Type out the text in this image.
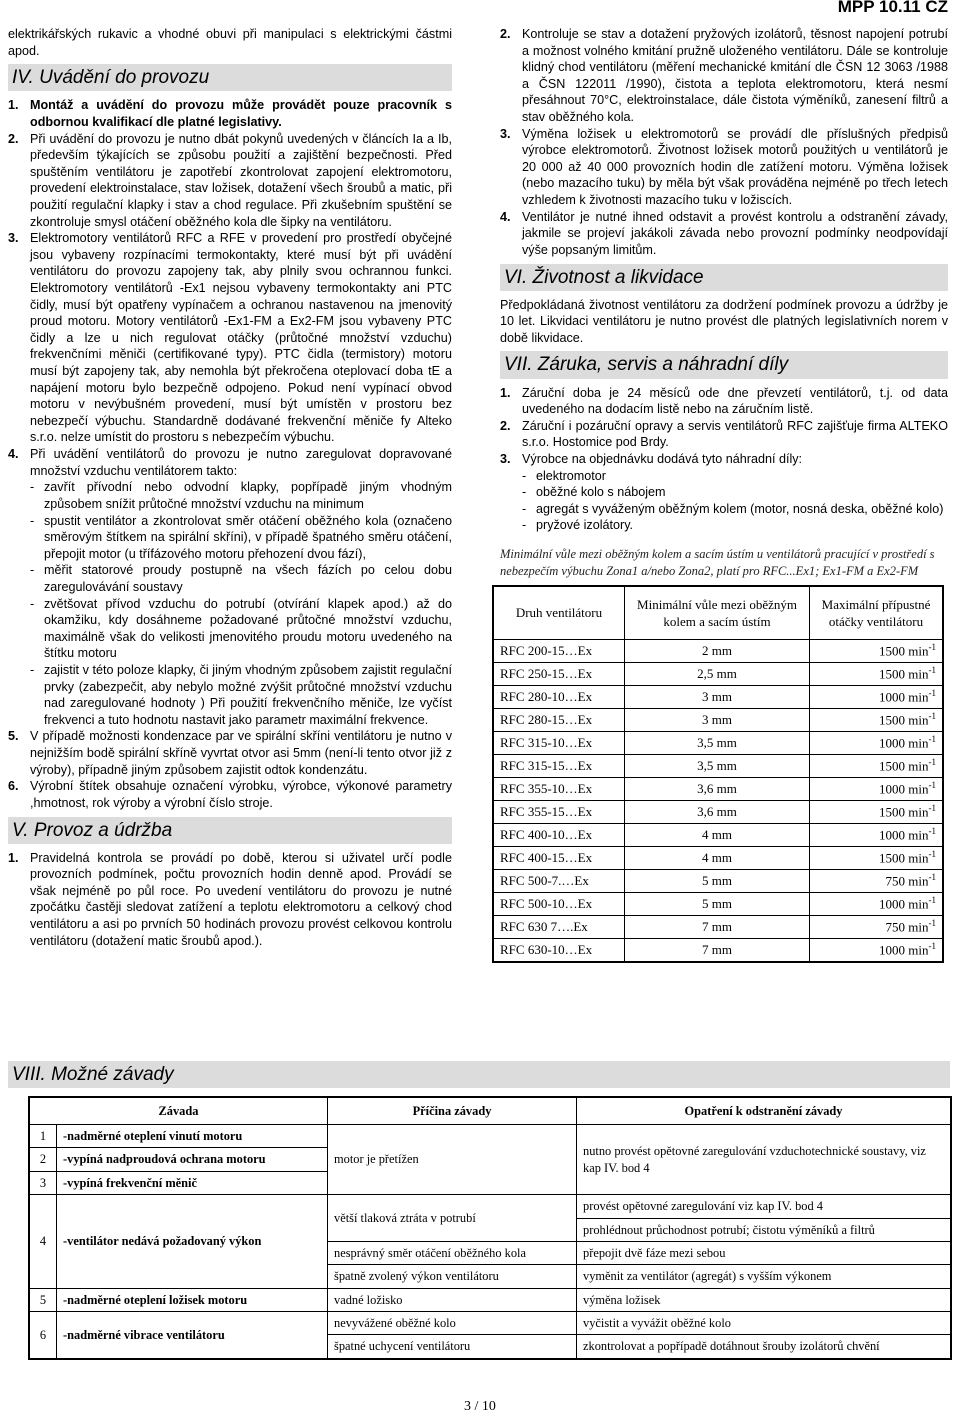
MPP 10.11 CZ

elektrikářských rukavic a vhodné obuvi při manipulaci s elektrickými částmi apod.

IV. Uvádění do provozu
1. Montáž a uvádění do provozu může provádět pouze pracovník s odbornou kvalifikací dle platné legislativy.
2. Při uvádění do provozu je nutno dbát pokynů uvedených v článcích Ia a Ib, především týkajících se způsobu použití a zajištění bezpečnosti. Před spuštěním ventilátoru je zapotřebí zkontrolovat zapojení elektromotoru, provedení elektroinstalace, stav ložisek, dotažení všech šroubů a matic, při použití regulační klapky i stav a chod regulace. Při zkušebním spuštění se zkontroluje smysl otáčení oběžného kola dle šipky na ventilátoru.
3. Elektromotory ventilátorů RFC a RFE v provedení pro prostředí obyčejné jsou vybaveny rozpínacími termokontakty, které musí být při uvádění ventilátoru do provozu zapojeny tak, aby plnily svou ochrannou funkci. Elektromotory ventilátorů -Ex1 nejsou vybaveny termokontakty ani PTC čidly, musí být opatřeny vypínačem a ochranou nastavenou na jmenovitý proud motoru. Motory ventilátorů -Ex1-FM a Ex2-FM jsou vybaveny PTC čidly a lze u nich regulovat otáčky (průtočné množství vzduchu) frekvenčními měniči (certifikované typy). PTC čidla (termistory) motoru musí být zapojeny tak, aby nemohla být překročena oteplovací doba tE a napájení motoru bylo bezpečně odpojeno. Pokud není vypínací obvod motoru v nevýbušném provedení, musí být umístěn v prostoru bez nebezpečí výbuchu. Standardně dodávané frekvenční měniče fy Alteko s.r.o. nelze umístit do prostoru s nebezpečím výbuchu.
4. Při uvádění ventilátorů do provozu je nutno zaregulovat dopravované množství vzduchu ventilátorem takto:
- zavřít přívodní nebo odvodní klapky, popřípadě jiným vhodným způsobem snížit průtočné množství vzduchu na minimum
- spustit ventilátor a zkontrolovat směr otáčení oběžného kola (označeno směrovým štítkem na spirální skříni), v případě špatného směru otáčení, přepojit motor (u třífázového motoru přehození dvou fází),
- měřit statorové proudy postupně na všech fázích po celou dobu zaregulovávání soustavy
- zvětšovat přívod vzduchu do potrubí (otvírání klapek apod.) až do okamžiku, kdy dosáhneme požadované průtočné množství vzduchu, maximálně však do velikosti jmenovitého proudu motoru uvedeného na štítku motoru
- zajistit v této poloze klapky, či jiným vhodným způsobem zajistit regulační prvky (zabezpečit, aby nebylo možné zvýšit průtočné množství vzduchu nad zaregulované hodnoty ) Při použití frekvenčního měniče, lze vyčíst frekvenci a tuto hodnotu nastavit jako parametr maximální frekvence.
5. V případě možnosti kondenzace par ve spirální skříni ventilátoru je nutno v nejnižším bodě spirální skříně vyvrtat otvor asi 5mm (není-li tento otvor již z výroby), případně jiným způsobem zajistit odtok kondenzátu.
6. Výrobní štítek obsahuje označení výrobku, výrobce, výkonové parametry ,hmotnost, rok výroby a výrobní číslo stroje.
V. Provoz a údržba
1. Pravidelná kontrola se provádí po době, kterou si uživatel určí podle provozních podmínek, počtu provozních hodin denně apod. Provádí se však nejméně po půl roce. Po uvedení ventilátoru do provozu je nutné zpočátku častěji sledovat zatížení a teplotu elektromotoru a celkový chod ventilátoru a asi po prvních 50 hodinách provozu provést celkovou kontrolu ventilátoru (dotažení matic šroubů apod.).
2. Kontroluje se stav a dotažení pryžových izolátorů, těsnost napojení potrubí a možnost volného kmitání pružně uloženého ventilátoru. Dále se kontroluje klidný chod ventilátoru (měření mechanické kmitání dle ČSN 12 3063 /1988 a ČSN 122011 /1990), čistota a teplota elektromotoru, která nesmí přesáhnout 70°C, elektroinstalace, dále čistota výměníků, zanesení filtrů a stav oběžného kola.
3. Výměna ložisek u elektromotorů se provádí dle příslušných předpisů výrobce elektromotorů. Životnost ložisek motorů použitých u ventilátorů je 20 000 až 40 000 provozních hodin dle zatížení motoru. Výměna ložisek (nebo mazacího tuku) by měla být však prováděna nejméně po třech letech vzhledem k životnosti mazacího tuku v ložiscích.
4. Ventilátor je nutné ihned odstavit a provést kontrolu a odstranění závady, jakmile se projeví jakákoli závada nebo provozní podmínky neodpovídají výše popsaným limitům.
VI. Životnost a likvidace

Předpokládaná životnost ventilátoru za dodržení podmínek provozu a údržby je 10 let. Likvidaci ventilátoru je nutno provést dle platných legislativních norem v době likvidace.

VII. Záruka, servis a náhradní díly
1. Záruční doba je 24 měsíců ode dne převzetí ventilátorů, t.j. od data uvedeného na dodacím listě nebo na záručním listě.
2. Záruční i pozáruční opravy a servis ventilátorů RFC zajišťuje firma ALTEKO s.r.o. Hostomice pod Brdy.
3. Výrobce na objednávku dodává tyto náhradní díly:
- elektromotor
- oběžné kolo s nábojem
- agregát s vyváženým oběžným kolem (motor, nosná deska, oběžné kolo)
- pryžové izolátory.

Minimální vůle mezi oběžným kolem a sacím ústím u ventilátorů pracující v prostředí s nebezpečím výbuchu Zona1 a/nebo Zona2, platí pro RFC...Ex1; Ex1-FM a Ex2-FM

Druh ventilátoru	Minimální vůle mezi oběžným kolem a sacím ústím	Maximální přípustné otáčky ventilátoru
RFC 200-15…Ex	2 mm	1500 $\min^{-1}$
RFC 250-15…Ex	2,5 mm	1500 $\min^{-1}$
RFC 280-10…Ex	3 mm	1000 $\min^{-1}$
RFC 280-15…Ex	3 mm	1500 $\min^{-1}$
RFC 315-10…Ex	3,5 mm	1000 $\min^{-1}$
RFC 315-15…Ex	3,5 mm	1500 $\min^{-1}$
RFC 355-10…Ex	3,6 mm	1000 $\min^{-1}$
RFC 355-15…Ex	3,6 mm	1500 $\min^{-1}$
RFC 400-10…Ex	4 mm	1000 $\min^{-1}$
RFC 400-15…Ex	4 mm	1500 $\min^{-1}$
RFC 500-7.…Ex	5 mm	750 $\min^{-1}$
RFC 500-10…Ex	5 mm	1000 $\min^{-1}$
RFC 630 7….Ex	7 mm	750 $\min^{-1}$
RFC 630-10…Ex	7 mm	1000 $\min^{-1}$
VIII. Možné závady
Závada		Příčina závady	Opatření k odstranění závady
1	-nadměrné oteplení vinutí motoru	motor je přetížen	nutno provést opětovné zaregulování vzduchotechnické soustavy, viz kap IV. bod 4
2	-vypíná nadproudová ochrana motoru		
3	-vypíná frekvenční měnič		
4	-ventilátor nedává požadovaný výkon	větší tlaková ztráta v potrubí	provést opětovné zaregulování viz kap IV. bod 4
			prohlédnout průchodnost potrubí; čistotu výměníků a filtrů
		nesprávný směr otáčení oběžného kola	přepojit dvě fáze mezi sebou
		špatně zvolený výkon ventilátoru	vyměnit za ventilátor (agregát) s vyšším výkonem
5	-nadměrné oteplení ložisek motoru	vadné ložisko	výměna ložisek
6	-nadměrné vibrace ventilátoru	nevyvážené oběžné kolo	vyčistit a vyvážit oběžné kolo
		špatné uchycení ventilátoru	zkontrolovat a popřípadě dotáhnout šrouby izolátorů chvění
3 / 10
